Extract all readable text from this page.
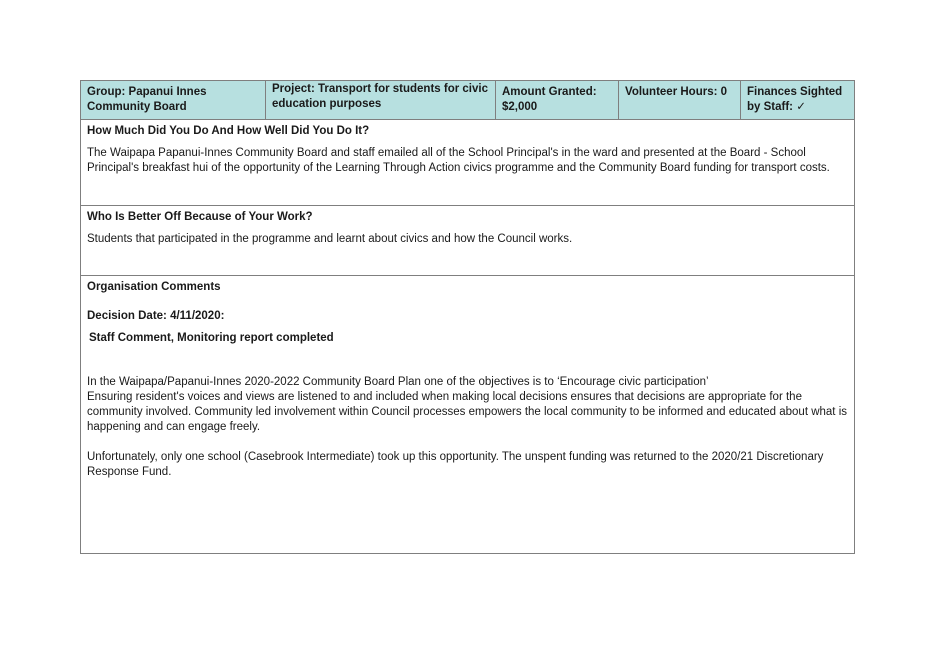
Group: Papanui Innes Community Board
Project: Transport for students for civic education purposes
Amount Granted: $2,000
Volunteer Hours: 0	Finances Sighted by Staff: ✓

How Much Did You Do And How Well Did You Do It?

The Waipapa Papanui-Innes Community Board and staff emailed all of the School Principal's in the ward and presented at the Board - School Principal's breakfast hui of the opportunity of the Learning Through Action civics programme and the Community Board funding for transport costs.

Who Is Better Off Because of Your Work?

Students that participated in the programme and learnt about civics and how the Council works.

Organisation Comments

Decision Date: 4/11/2020:

Staff Comment, Monitoring report completed

In the Waipapa/Papanui-Innes 2020-2022 Community Board Plan one of the objectives is to ‘Encourage civic participation’
Ensuring resident's voices and views are listened to and included when making local decisions ensures that decisions are appropriate for the community involved. Community led involvement within Council processes empowers the local community to be informed and educated about what is happening and can engage freely.

Unfortunately, only one school (Casebrook Intermediate) took up this opportunity. The unspent funding was returned to the 2020/21 Discretionary Response Fund.
